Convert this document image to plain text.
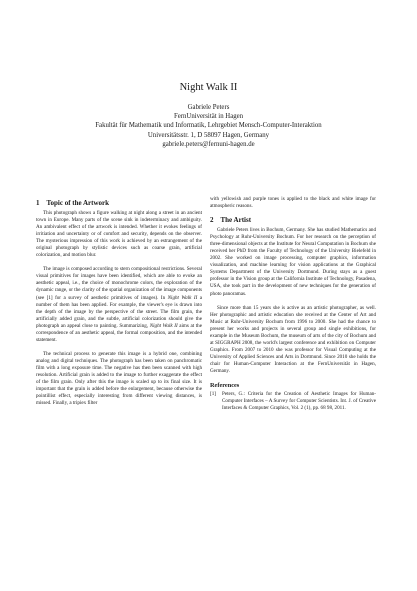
Night Walk II
Gabriele Peters
FernUniversität in Hagen
Fakultät für Mathematik und Informatik, Lehrgebiet Mensch-Computer-Interaktion
Universitätsstr. 1, D 58097 Hagen, Germany
gabriele.peters@fernuni-hagen.de
1 Topic of the Artwork

This photograph shows a figure walking at night along a street in an ancient town in Europe. Many parts of the scene sink in indeterminacy and ambiguity. An ambivalent effect of the artwork is intended. Whether it evokes feelings of irritiation and uncertainty or of comfort and security, depends on the observer. The mysterious impression of this work is achieved by an estrangement of the original photograph by stylistic devices such as coarse grain, artificial colorization, and motion blur.

The image is composed according to stern compositional restrictions. Several visual primitives for images have been identified, which are able to evoke an aesthetic appeal, i.e., the choice of monochrome colors, the exploration of the dynamic range, or the clarity of the spatial organization of the image components (see [1] for a survey of aesthetic primitives of images). In Night Walk II a number of them has been applied. For example, the viewer's eye is drawn into the depth of the image by the perspective of the street. The film grain, the artificially added grain, and the subtle, artificial colorization should give the photograph an appeal close to painting. Summarizing, Night Walk II aims at the correspondence of an aesthetic appeal, the formal composition, and the intended statement.

The technical process to generate this image is a hybrid one, combining analog and digital techniques. The photograph has been taken on panchromatic film with a long exposure time. The negative has then been scanned with high resolution. Artificial grain is added to the image to further exaggerate the effect of the film grain. Only after this the image is scaled up to its final size. It is important that the grain is added before the enlargement, because otherwise the pointillist effect, especially interesting from different viewing distances, is missed. Finally, a tripiex filter

with yellowish and purple tones is applied to the black and white image for atmospheric reasons.

2 The Artist

Gabriele Peters lives in Bochum, Germany. She has studied Mathematics and Psychology at Ruhr-University Bochum. For her research on the perception of three-dimensional objects at the Institute for Neural Computation in Bochum she received her PhD from the Faculty of Technology of the University Bielefeld in 2002. She worked on image processing, computer graphics, information visualization, and machine learning for vision applications at the Graphical Systems Department of the University Dortmund. During stays as a guest professor in the Vision group at the California Institute of Technology, Pasadena, USA, she took part in the development of new techniques for the generation of photo panoramas.

Since more than 15 years she is active as an artistic photographer, as well. Her photographic and artistic education she received at the Center of Art and Music at Ruhr-University Bochum from 1996 to 2000. She had the chance to present her works and projects in several group and single exhibitions, for example in the Museum Bochum, the museum of arts of the city of Bochum and at SIGGRAPH 2008, the world's largest conference and exhibition on Computer Graphics. From 2007 to 2010 she was professor for Visual Computing at the University of Applied Sciences and Arts in Dortmund. Since 2010 she holds the chair for Human-Computer Interaction at the FernUniversität in Hagen, Germany.

References
[1] Peters, G.: Criteria for the Creation of Aesthetic Images for Human-Computer Interfaces – A Survey for Computer Scientists. Int. J. of Creative Interfaces & Computer Graphics, Vol. 2 (1), pp. 68 98, 2011.
